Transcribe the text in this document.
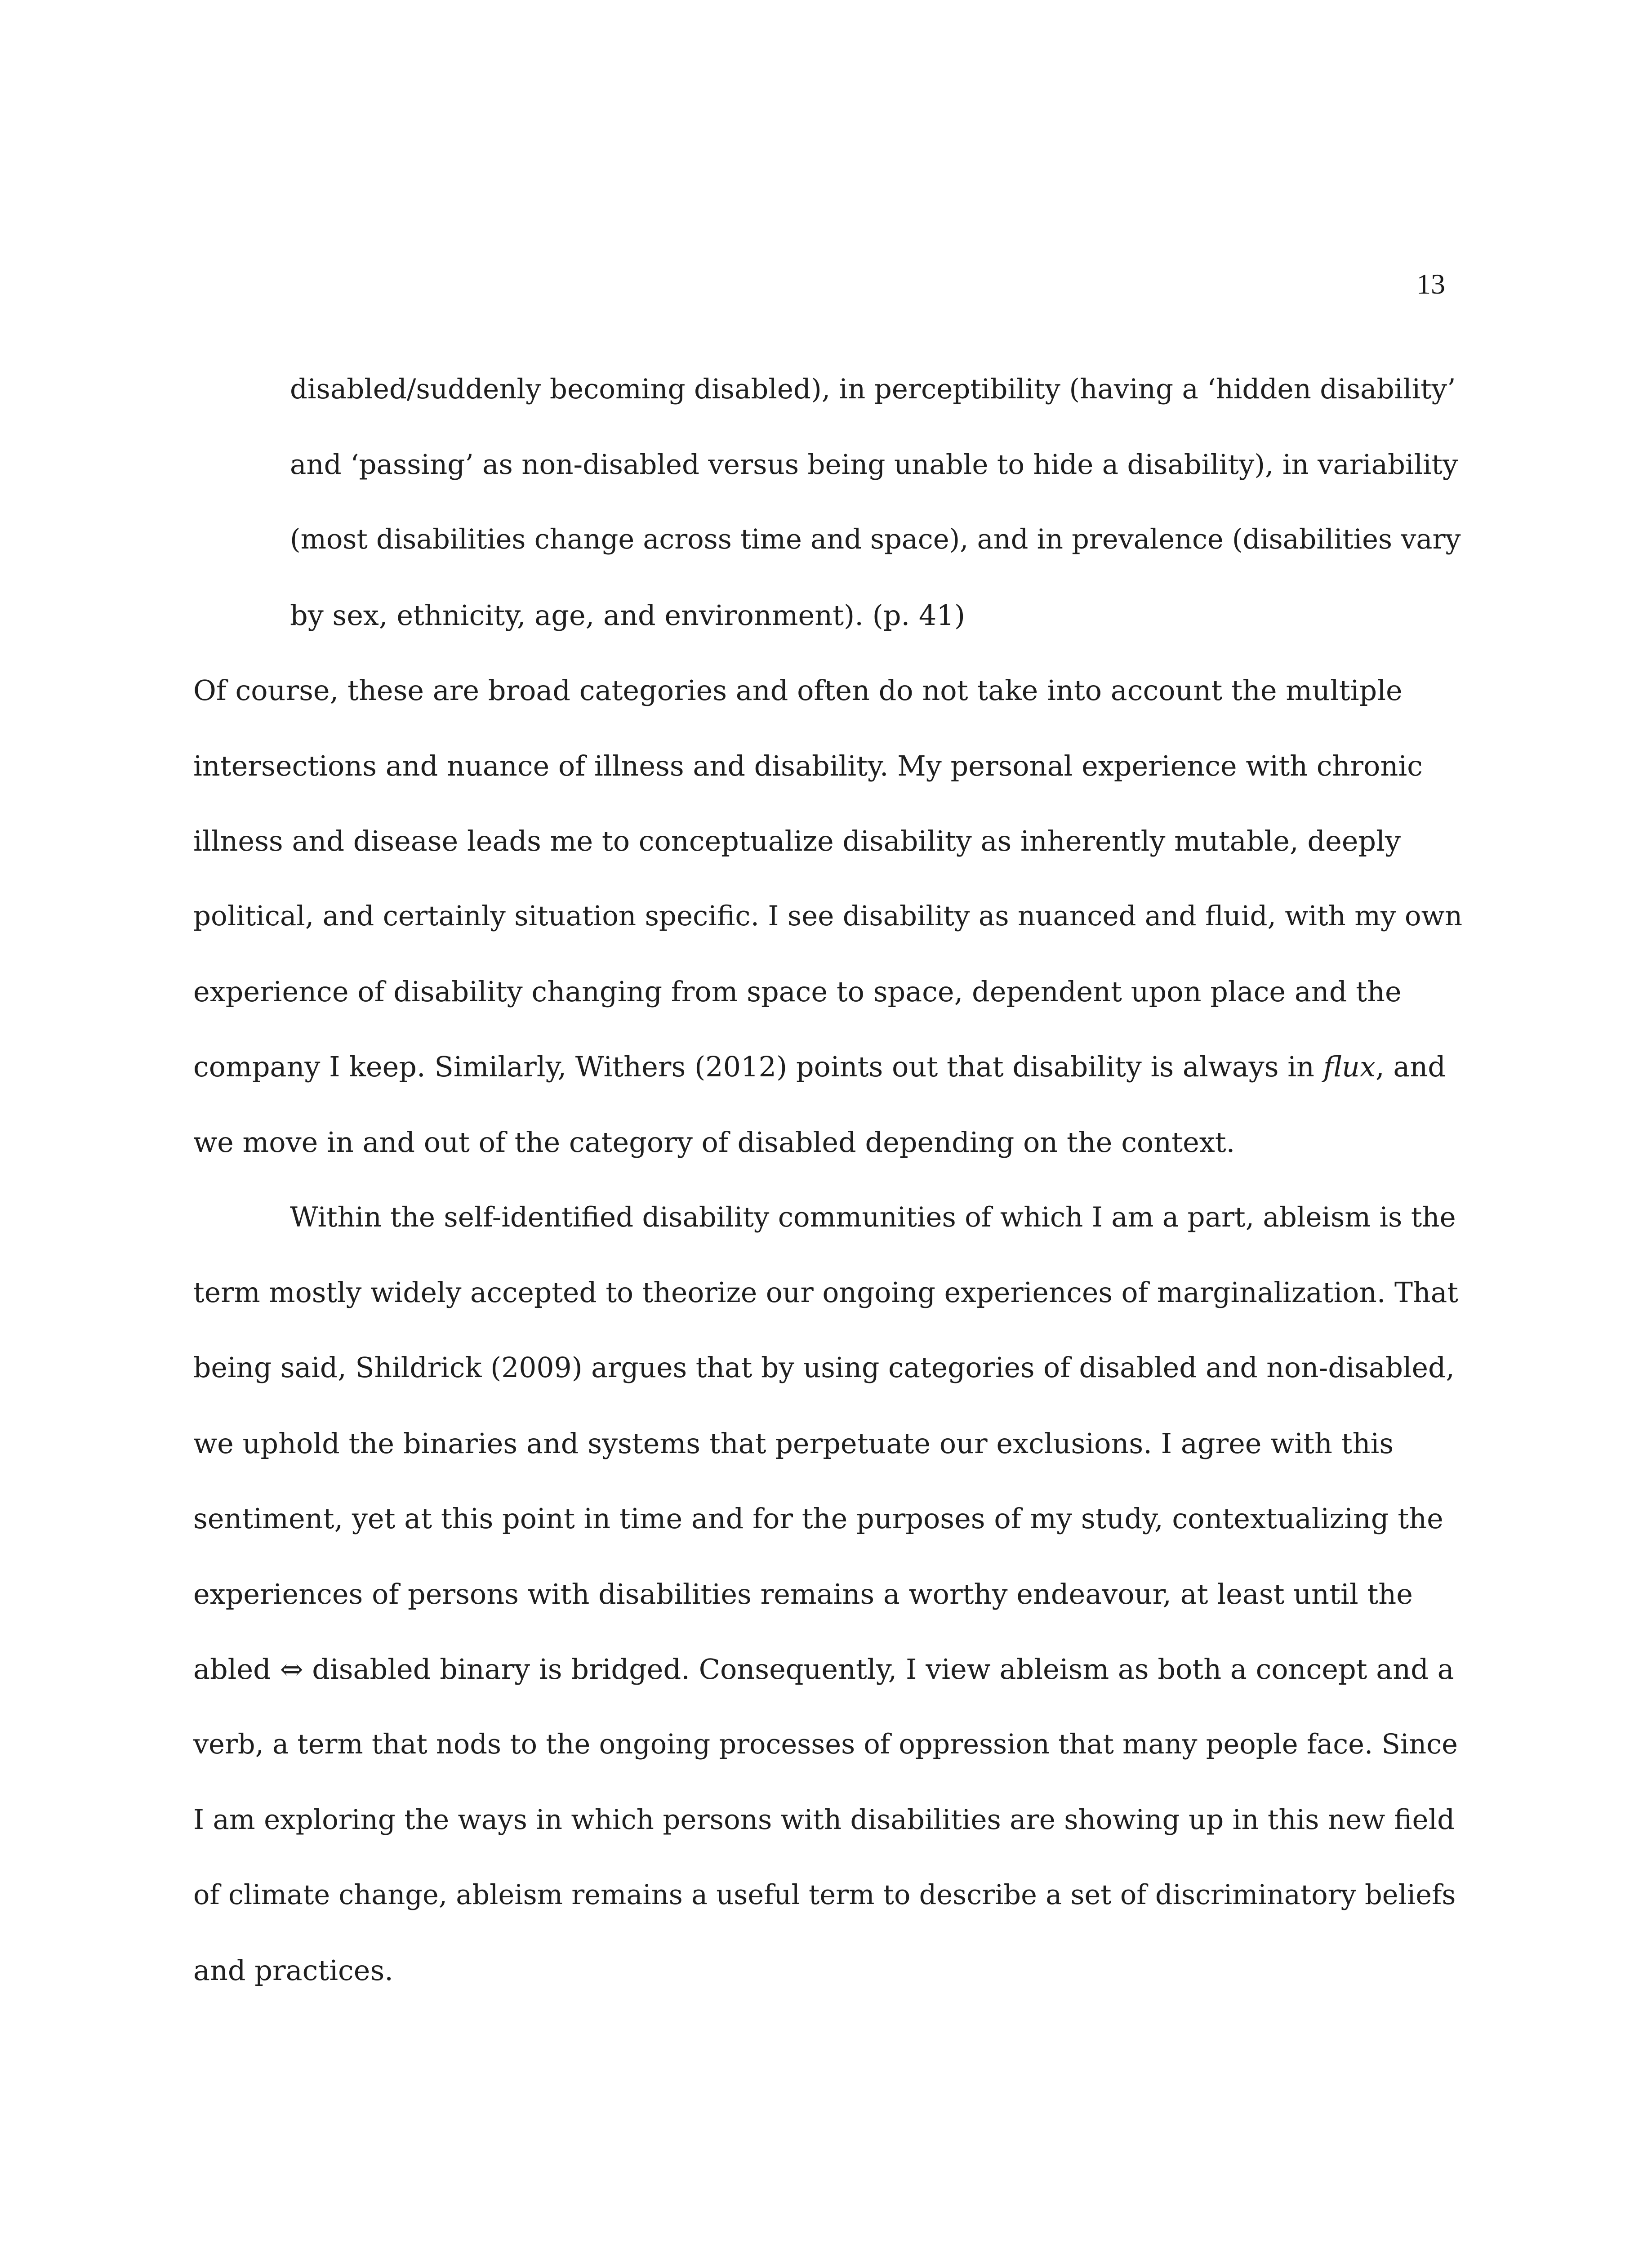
13
disabled/suddenly becoming disabled), in perceptibility (having a ‘hidden disability’
and ‘passing’ as non-disabled versus being unable to hide a disability), in variability
(most disabilities change across time and space), and in prevalence (disabilities vary
by sex, ethnicity, age, and environment). (p. 41)
Of course, these are broad categories and often do not take into account the multiple
intersections and nuance of illness and disability. My personal experience with chronic
illness and disease leads me to conceptualize disability as inherently mutable, deeply
political, and certainly situation specific. I see disability as nuanced and fluid, with my own
experience of disability changing from space to space, dependent upon place and the
company I keep. Similarly, Withers (2012) points out that disability is always in flux, and
we move in and out of the category of disabled depending on the context.
Within the self-identified disability communities of which I am a part, ableism is the
term mostly widely accepted to theorize our ongoing experiences of marginalization. That
being said, Shildrick (2009) argues that by using categories of disabled and non-disabled,
we uphold the binaries and systems that perpetuate our exclusions. I agree with this
sentiment, yet at this point in time and for the purposes of my study, contextualizing the
experiences of persons with disabilities remains a worthy endeavour, at least until the
abled ⇔ disabled binary is bridged. Consequently, I view ableism as both a concept and a
verb, a term that nods to the ongoing processes of oppression that many people face. Since
I am exploring the ways in which persons with disabilities are showing up in this new field
of climate change, ableism remains a useful term to describe a set of discriminatory beliefs
and practices.
